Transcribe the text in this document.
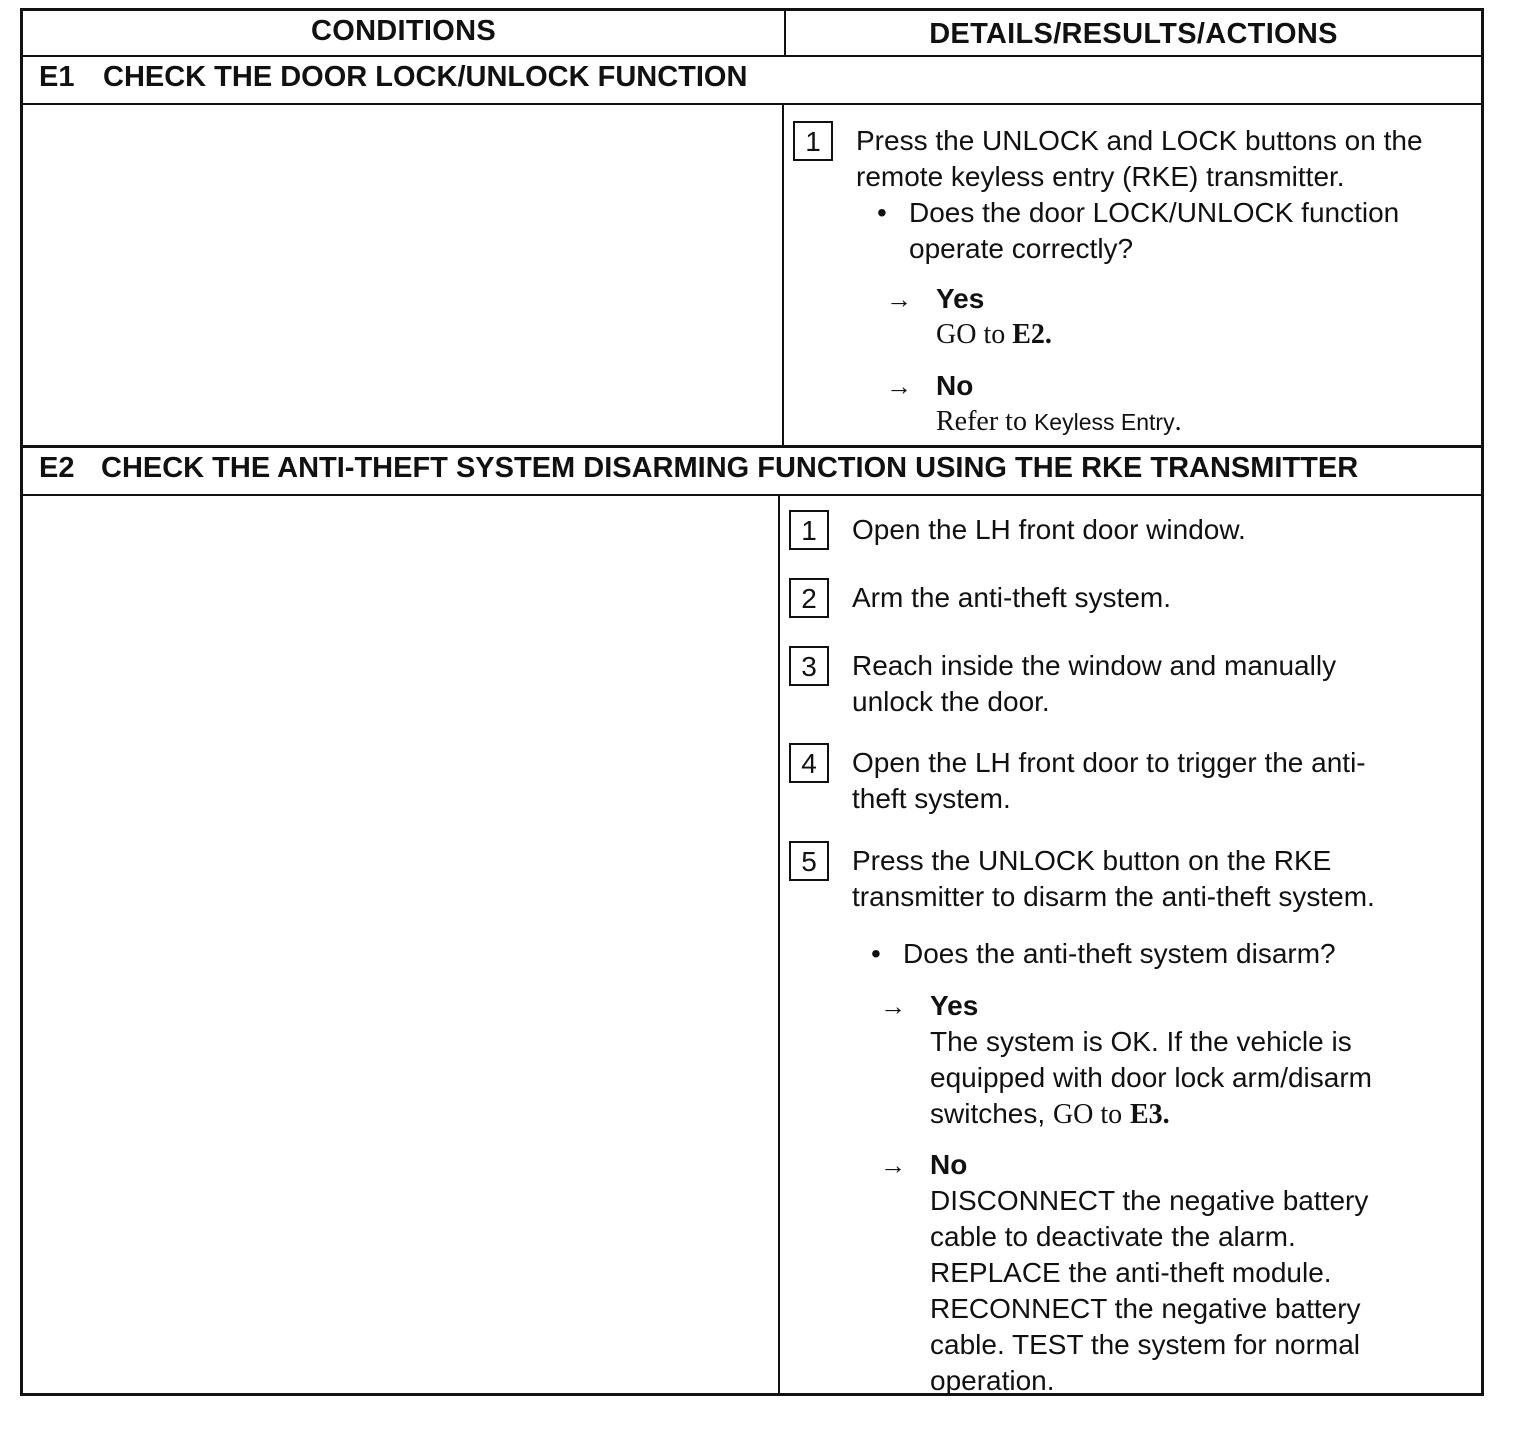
CONDITIONS	DETAILS/RESULTS/ACTIONS
E1 CHECK THE DOOR LOCK/UNLOCK FUNCTION
1	Press the UNLOCK and LOCK buttons on the remote keyless entry (RKE) transmitter.
• Does the door LOCK/UNLOCK function operate correctly?
→ Yes
GO to E2.
→ No
Refer to Keyless Entry.
E2 CHECK THE ANTI-THEFT SYSTEM DISARMING FUNCTION USING THE RKE TRANSMITTER
1	Open the LH front door window.
2	Arm the anti-theft system.
3	Reach inside the window and manually unlock the door.
4	Open the LH front door to trigger the anti-theft system.
5	Press the UNLOCK button on the RKE transmitter to disarm the anti-theft system.
• Does the anti-theft system disarm?
→ Yes
The system is OK. If the vehicle is
equipped with door lock arm/disarm
switches, GO to E3.
→ No
DISCONNECT the negative battery
cable to deactivate the alarm.
REPLACE the anti-theft module.
RECONNECT the negative battery
cable. TEST the system for normal
operation.
